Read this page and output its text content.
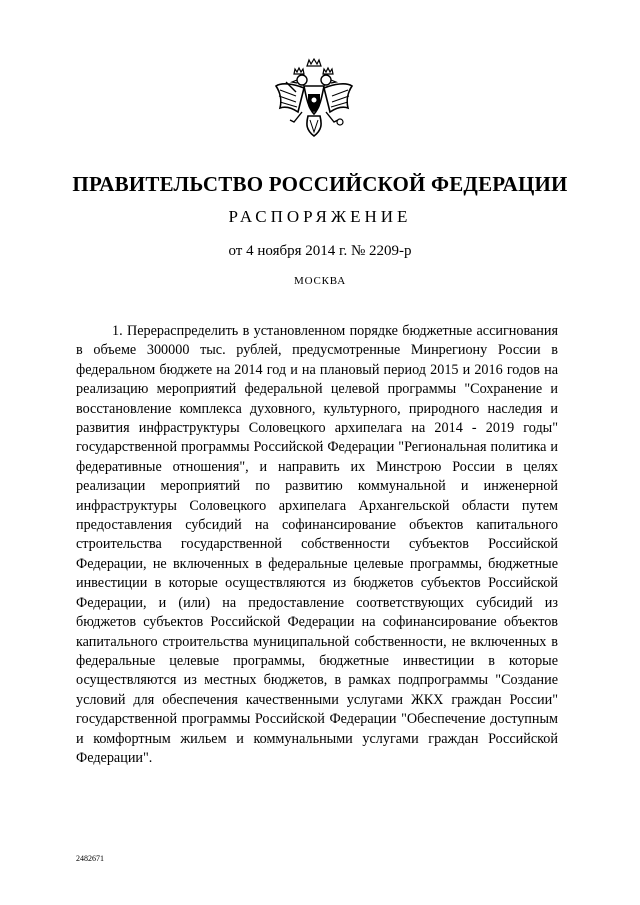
ПРАВИТЕЛЬСТВО РОССИЙСКОЙ ФЕДЕРАЦИИ
РАСПОРЯЖЕНИЕ
от 4 ноября 2014 г. № 2209-р
МОСКВА

1. Перераспределить в установленном порядке бюджетные ассигнования в объеме 300000 тыс. рублей, предусмотренные Минрегиону России в федеральном бюджете на 2014 год и на плановый период 2015 и 2016 годов на реализацию мероприятий федеральной целевой программы "Сохранение и восстановление комплекса духовного, культурного, природного наследия и развития инфраструктуры Соловецкого архипелага на 2014 - 2019 годы" государственной программы Российской Федерации "Региональная политика и федеративные отношения", и направить их Минстрою России в целях реализации мероприятий по развитию коммунальной и инженерной инфраструктуры Соловецкого архипелага Архангельской области путем предоставления субсидий на софинансирование объектов капитального строительства государственной собственности субъектов Российской Федерации, не включенных в федеральные целевые программы, бюджетные инвестиции в которые осуществляются из бюджетов субъектов Российской Федерации, и (или) на предоставление соответствующих субсидий из бюджетов субъектов Российской Федерации на софинансирование объектов капитального строительства муниципальной собственности, не включенных в федеральные целевые программы, бюджетные инвестиции в которые осуществляются из местных бюджетов, в рамках подпрограммы "Создание условий для обеспечения качественными услугами ЖКХ граждан России" государственной программы Российской Федерации "Обеспечение доступным и комфортным жильем и коммунальными услугами граждан Российской Федерации".

2482671
